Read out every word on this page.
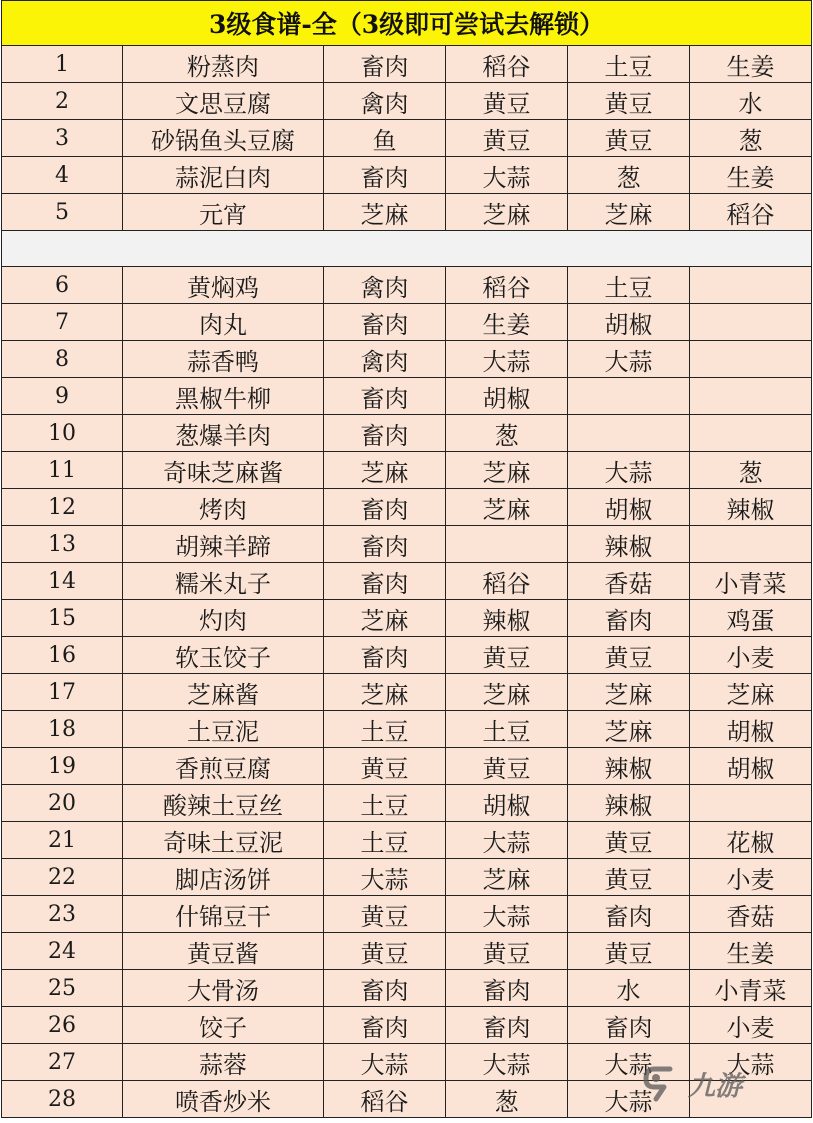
3级食谱-全（3级即可尝试去解锁）					
1	粉蒸肉	畜肉	稻谷	土豆	生姜
2	文思豆腐	禽肉	黄豆	黄豆	水
3	砂锅鱼头豆腐	鱼	黄豆	黄豆	葱
4	蒜泥白肉	畜肉	大蒜	葱	生姜
5	元宵	芝麻	芝麻	芝麻	稻谷

6	黄焖鸡	禽肉	稻谷	土豆	
7	肉丸	畜肉	生姜	胡椒	
8	蒜香鸭	禽肉	大蒜	大蒜	
9	黑椒牛柳	畜肉	胡椒		
10	葱爆羊肉	畜肉	葱		
11	奇味芝麻酱	芝麻	芝麻	大蒜	葱
12	烤肉	畜肉	芝麻	胡椒	辣椒
13	胡辣羊蹄	畜肉		辣椒	
14	糯米丸子	畜肉	稻谷	香菇	小青菜
15	灼肉	芝麻	辣椒	畜肉	鸡蛋
16	软玉饺子	畜肉	黄豆	黄豆	小麦
17	芝麻酱	芝麻	芝麻	芝麻	芝麻
18	土豆泥	土豆	土豆	芝麻	胡椒
19	香煎豆腐	黄豆	黄豆	辣椒	胡椒
20	酸辣土豆丝	土豆	胡椒	辣椒	
21	奇味土豆泥	土豆	大蒜	黄豆	花椒
22	脚店汤饼	大蒜	芝麻	黄豆	小麦
23	什锦豆干	黄豆	大蒜	畜肉	香菇
24	黄豆酱	黄豆	黄豆	黄豆	生姜
25	大骨汤	畜肉	畜肉	水	小青菜
26	饺子	畜肉	畜肉	畜肉	小麦
27	蒜蓉	大蒜	大蒜	大蒜	大蒜
28	喷香炒米	稻谷	葱	大蒜	九游
